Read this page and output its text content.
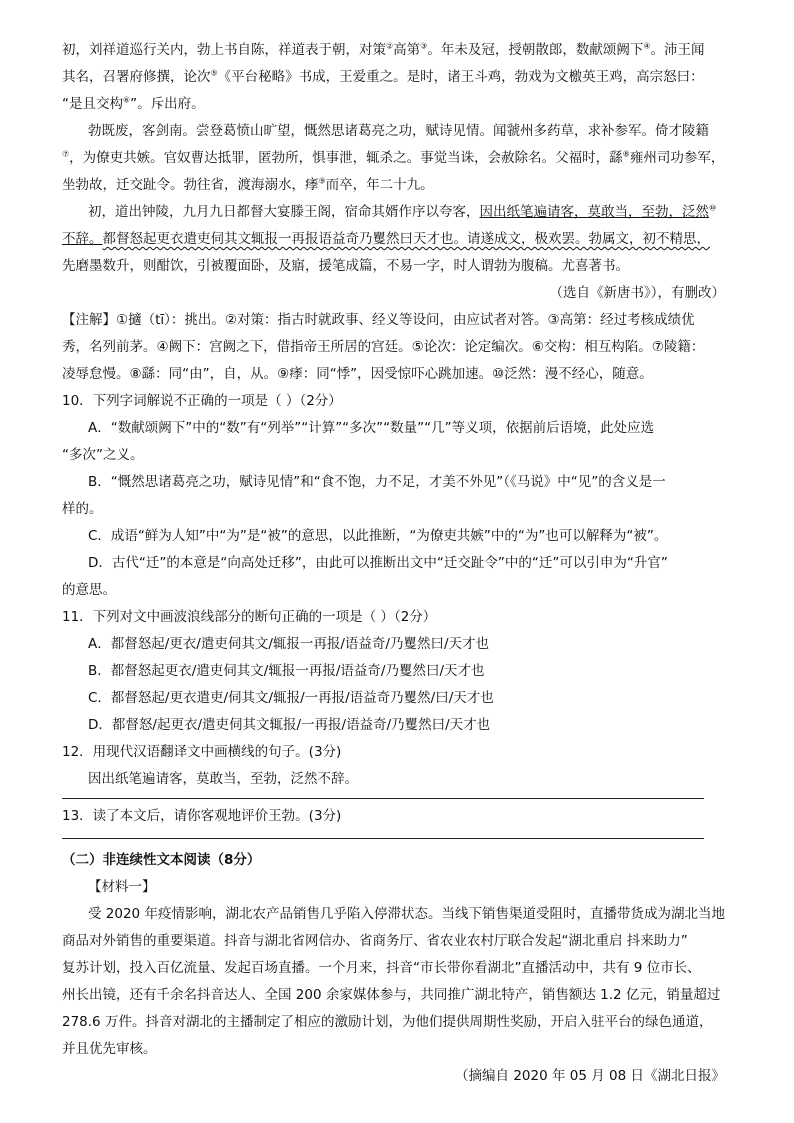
初，刘祥道巡行关内，勃上书自陈，祥道表于朝，对策②高第③。年未及冠，授朝散郎，数献颂阙下④。沛王闻
其名，召署府修撰，论次⑤《平台秘略》书成，王爱重之。是时，诸王斗鸡，勃戏为文檄英王鸡，高宗怒曰：
“是且交构⑥”。斥出府。
勃既废，客剑南。尝登葛愤山旷望，慨然思诸葛亮之功，赋诗见情。闻虢州多药草，求补参军。倚才陵籍
⑦，为僚吏共嫉。官奴曹达抵罪，匿勃所，惧事泄，辄杀之。事觉当诛，会赦除名。父福时，繇⑧雍州司功参军，
坐勃故，迁交趾令。勃往省，渡海溺水，痵⑨而卒，年二十九。
初，道出钟陵，九月九日都督大宴滕王阁，宿命其婿作序以夸客，因出纸笔遍请客，莫敢当，至勃，泛然⑩
不辞。都督怒起更衣遣吏伺其文辄报一再报语益奇乃矍然曰天才也。请遂成文，极欢罢。勃属文，初不精思，
先磨墨数升，则酣饮，引被覆面卧，及寤，援笔成篇，不易一字，时人谓勃为腹稿。尤喜著书。
（选自《新唐书》），有删改）
【注解】①擿（tī）：挑出。②对策：指古时就政事、经义等设问，由应试者对答。③高第：经过考核成绩优
秀，名列前茅。④阙下：宫阙之下，借指帝王所居的宫廷。⑤论次：论定编次。⑥交构：相互构陷。⑦陵籍：
凌辱怠慢。⑧繇：同“由”，自，从。⑨痵：同“悸”，因受惊吓心跳加速。⑩泛然：漫不经心，随意。
10．下列字词解说不正确的一项是（ ）（2分）
A．“数献颂阙下”中的“数”有“列举”“计算”“多次”“数量”“几”等义项，依据前后语境，此处应选
“多次”之义。
B．“慨然思诸葛亮之功，赋诗见情”和“食不饱，力不足，才美不外见”（《马说》中“见”的含义是一
样的。
C．成语“鲜为人知”中“为”是“被”的意思，以此推断，“为僚吏共嫉”中的“为”也可以解释为“被”。
D．古代“迁”的本意是“向高处迁移”，由此可以推断出文中“迁交趾令”中的“迁”可以引申为“升官”
的意思。
11．下列对文中画波浪线部分的断句正确的一项是（ ）（2分）
A．都督怒起/更衣/遣吏伺其文/辄报一再报/语益奇/乃矍然曰/天才也
B．都督怒起更衣/遣吏伺其文/辄报一再报/语益奇/乃矍然曰/天才也
C．都督怒起/更衣遣吏/伺其文/辄报/一再报/语益奇乃矍然/曰/天才也
D．都督怒/起更衣/遣吏伺其文辄报/一再报/语益奇/乃矍然曰/天才也
12．用现代汉语翻译文中画横线的句子。(3分)
因出纸笔遍请客，莫敢当，至勃，泛然不辞。
13．读了本文后，请你客观地评价王勃。(3分)
（二）非连续性文本阅读（8分）
【材料一】
受 2020 年疫情影响，湖北农产品销售几乎陷入停滞状态。当线下销售渠道受阻时，直播带货成为湖北当地
商品对外销售的重要渠道。抖音与湖北省网信办、省商务厅、省农业农村厅联合发起“湖北重启 抖来助力”
复苏计划，投入百亿流量、发起百场直播。一个月来，抖音“市长带你看湖北”直播活动中，共有 9 位市长、
州长出镜，还有千余名抖音达人、全国 200 余家媒体参与，共同推广湖北特产，销售额达 1.2 亿元，销量超过
278.6 万件。抖音对湖北的主播制定了相应的激励计划，为他们提供周期性奖励，开启入驻平台的绿色通道，
并且优先审核。
（摘编自 2020 年 05 月 08 日《湖北日报》
